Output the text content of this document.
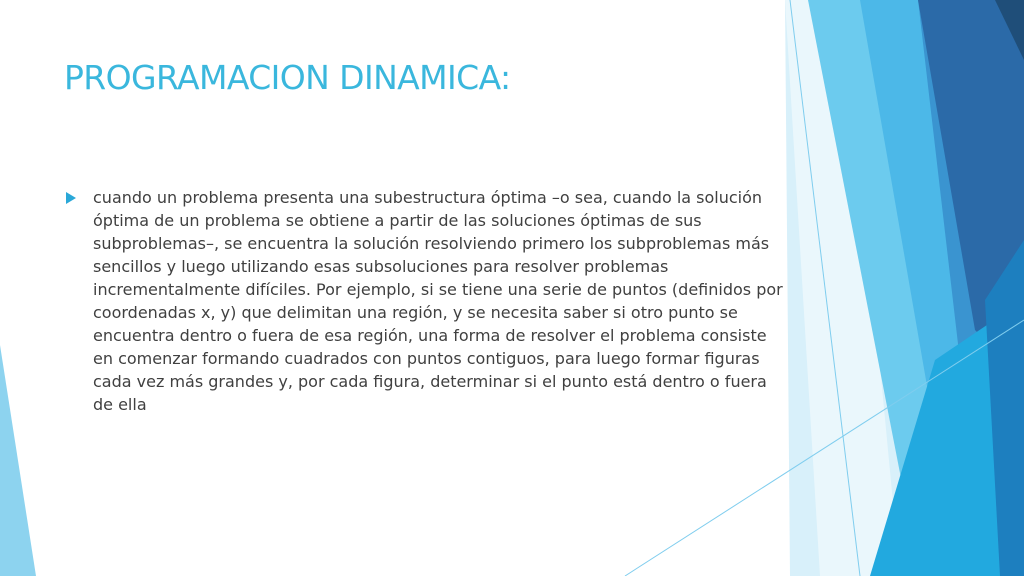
PROGRAMACION DINAMICA:

cuando un problema presenta una subestructura óptima –o sea, cuando la solución óptima de un problema se obtiene a partir de las soluciones óptimas de sus subproblemas–, se encuentra la solución resolviendo primero los subproblemas más sencillos y luego utilizando esas subsoluciones para resolver problemas incrementalmente difíciles. Por ejemplo, si se tiene una serie de puntos (definidos por coordenadas x, y) que delimitan una región, y se necesita saber si otro punto se encuentra dentro o fuera de esa región, una forma de resolver el problema consiste en comenzar formando cuadrados con puntos contiguos, para luego formar figuras cada vez más grandes y, por cada figura, determinar si el punto está dentro o fuera de ella
